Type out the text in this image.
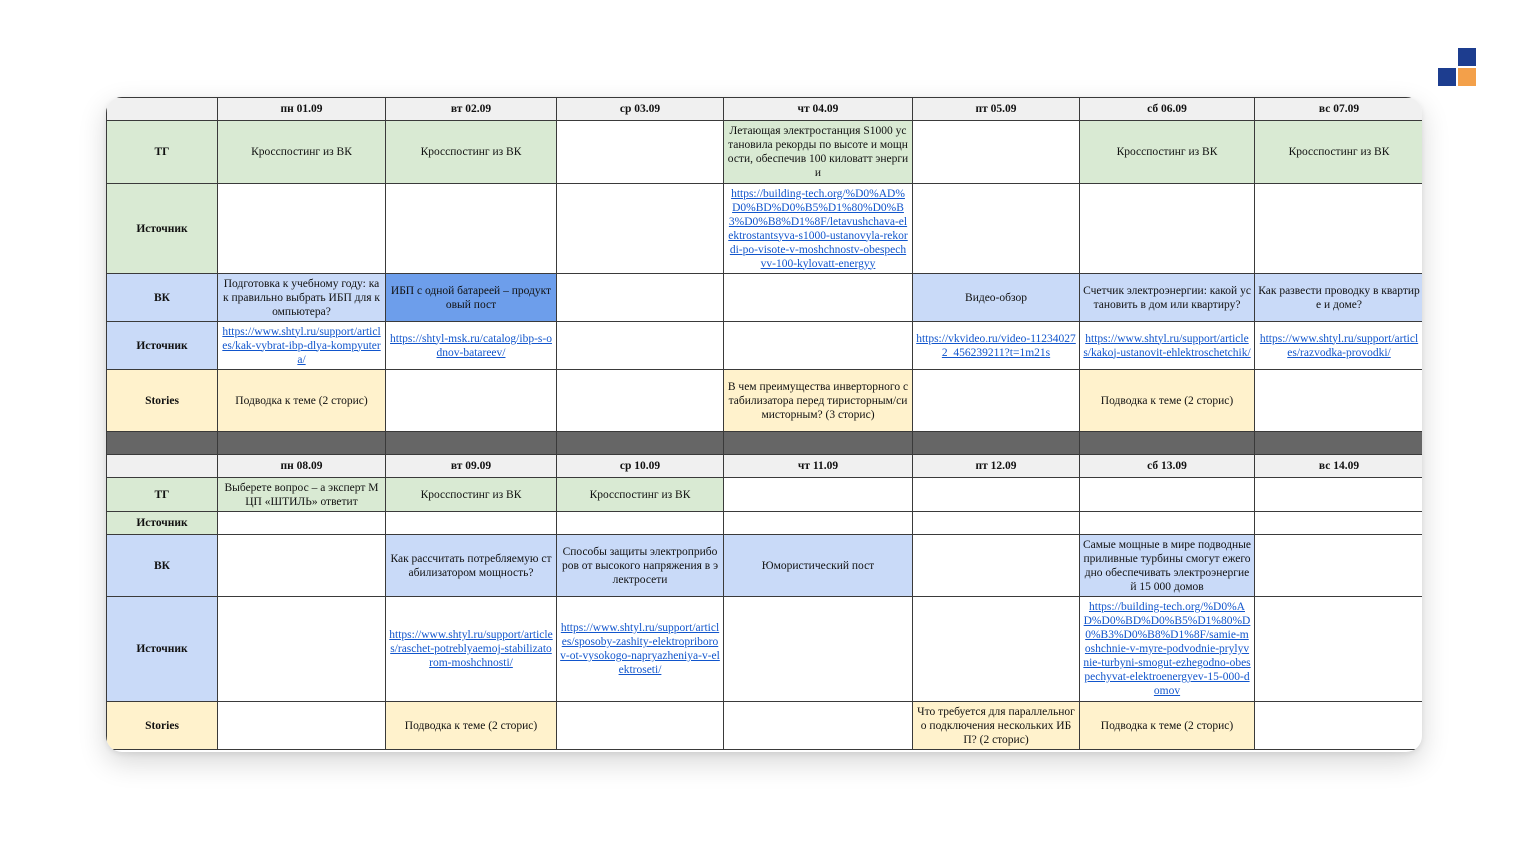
	пн 01.09	вт 02.09	ср 03.09	чт 04.09	пт 05.09	сб 06.09	вс 07.09
ТГ	Кросспостинг из ВК	Кросспостинг из ВК		Летающая электростанция S1000 установила рекорды по высоте и мощности, обеспечив 100 киловатт энергии		Кросспостинг из ВК	Кросспостинг из ВК
Источник				https://building-tech.org/%D0%AD%D0%BD%D0%B5%D1%80%D0%B3%D0%B8%D1%8F/letavushchava-elektrostantsyva-s1000-ustanovyla-rekordi-po-visote-v-moshchnostv-obespechvv-100-kylovatt-energyy			
ВК	Подготовка к учебному году: как правильно выбрать ИБП для компьютера?	ИБП с одной батареей – продуктовый пост			Видео-обзор	Счетчик электроэнергии: какой установить в дом или квартиру?	Как развести проводку в квартире и доме?
Источник	https://www.shtyl.ru/support/articles/kak-vybrat-ibp-dlya-kompyutera/	https://shtyl-msk.ru/catalog/ibp-s-odnov-batareev/			https://vkvideo.ru/video-112340272_456239211?t=1m21s	https://www.shtyl.ru/support/articles/kakoj-ustanovit-ehlektroschetchik/	https://www.shtyl.ru/support/articles/razvodka-provodki/
Stories	Подводка к теме (2 сторис)			В чем преимущества инверторного стабилизатора перед тиристорным/симисторным? (3 сторис)		Подводка к теме (2 сторис)	

	пн 08.09	вт 09.09	ср 10.09	чт 11.09	пт 12.09	сб 13.09	вс 14.09
ТГ	Выберете вопрос – а эксперт МЦП «ШТИЛЬ» ответит	Кросспостинг из ВК	Кросспостинг из ВК				
Источник							
ВК		Как рассчитать потребляемую стабилизатором мощность?	Способы защиты электроприборов от высокого напряжения в электросети	Юмористический пост		Самые мощные в мире подводные приливные турбины смогут ежегодно обеспечивать электроэнергией 15 000 домов	
Источник		https://www.shtyl.ru/support/articles/raschet-potreblyaemoj-stabilizatorom-moshchnosti/	https://www.shtyl.ru/support/articles/sposoby-zashity-elektropriborov-ot-vysokogo-napryazheniya-v-elektroseti/			https://building-tech.org/%D0%AD%D0%BD%D0%B5%D1%80%D0%B3%D0%B8%D1%8F/samie-moshchnie-v-myre-podvodnie-prylyvnie-turbyni-smogut-ezhegodno-obespechyvat-elektroenergyev-15-000-domov	
Stories		Подводка к теме (2 сторис)			Что требуется для параллельного подключения нескольких ИБП? (2 сторис)	Подводка к теме (2 сторис)	
